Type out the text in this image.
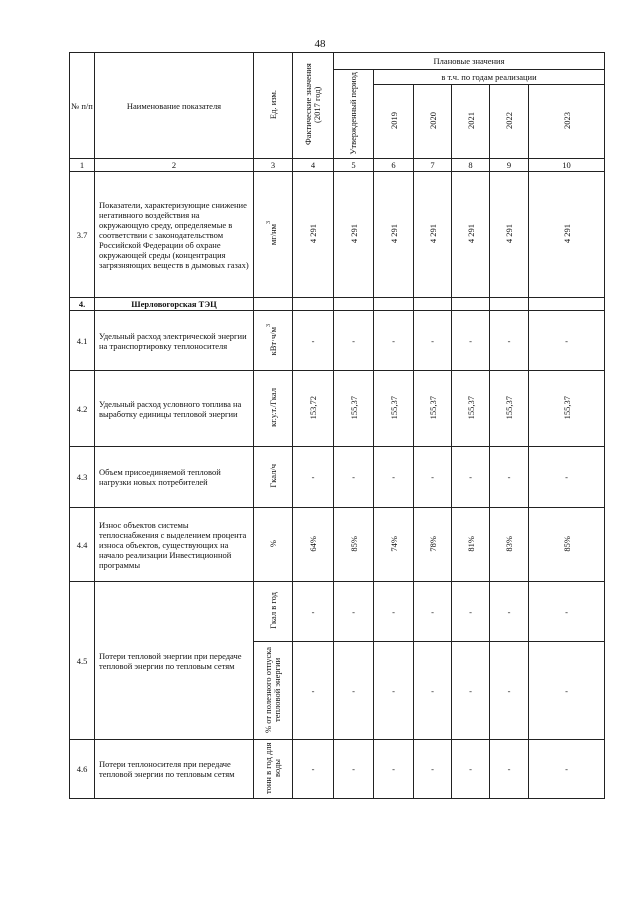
48
№ п/п	Наименование показателя	Ед. изм.	Фактические значения (2017 год)	Плановые значения					
				Утвержденный период	в т.ч. по годам реализации				
					2019	2020	2021	2022	2023
1	2	3	4	5	6	7	8	9	10
3.7	Показатели, характеризующие снижение негативного воздействия на окружающую среду, определяемые в соответствии с законодательством Российской Федерации об охране окружающей среды (концентрация загрязняющих веществ в дымовых газах)	$мг/нм^3$	4 291	4 291	4 291	4 291	4 291	4 291	4 291
4.	Шерловогорская ТЭЦ								
4.1	Удельный расход электрической энергии на транспортировку теплоносителя	$кВт\cdot ч/м^3$	-	-	-	-	-	-	-
4.2	Удельный расход условного топлива на выработку единицы тепловой энергии	кг.у.т./Гкал	153,72	155,37	155,37	155,37	155,37	155,37	155,37
4.3	Объем присоединяемой тепловой нагрузки новых потребителей	Гкал/ч	-	-	-	-	-	-	-
4.4	Износ объектов системы теплоснабжения с выделением процента износа объектов, существующих на начало реализации Инвестиционной программы	%	64%	85%	74%	78%	81%	83%	85%
4.5	Потери тепловой энергии при передаче тепловой энергии по тепловым сетям	Гкал в год	-	-	-	-	-	-	-
		% от полезного отпуска тепловой энергии	-	-	-	-	-	-	-
4.6	Потери теплоносителя при передаче тепловой энергии по тепловым сетям	тонн в год для воды	-	-	-	-	-	-	-
